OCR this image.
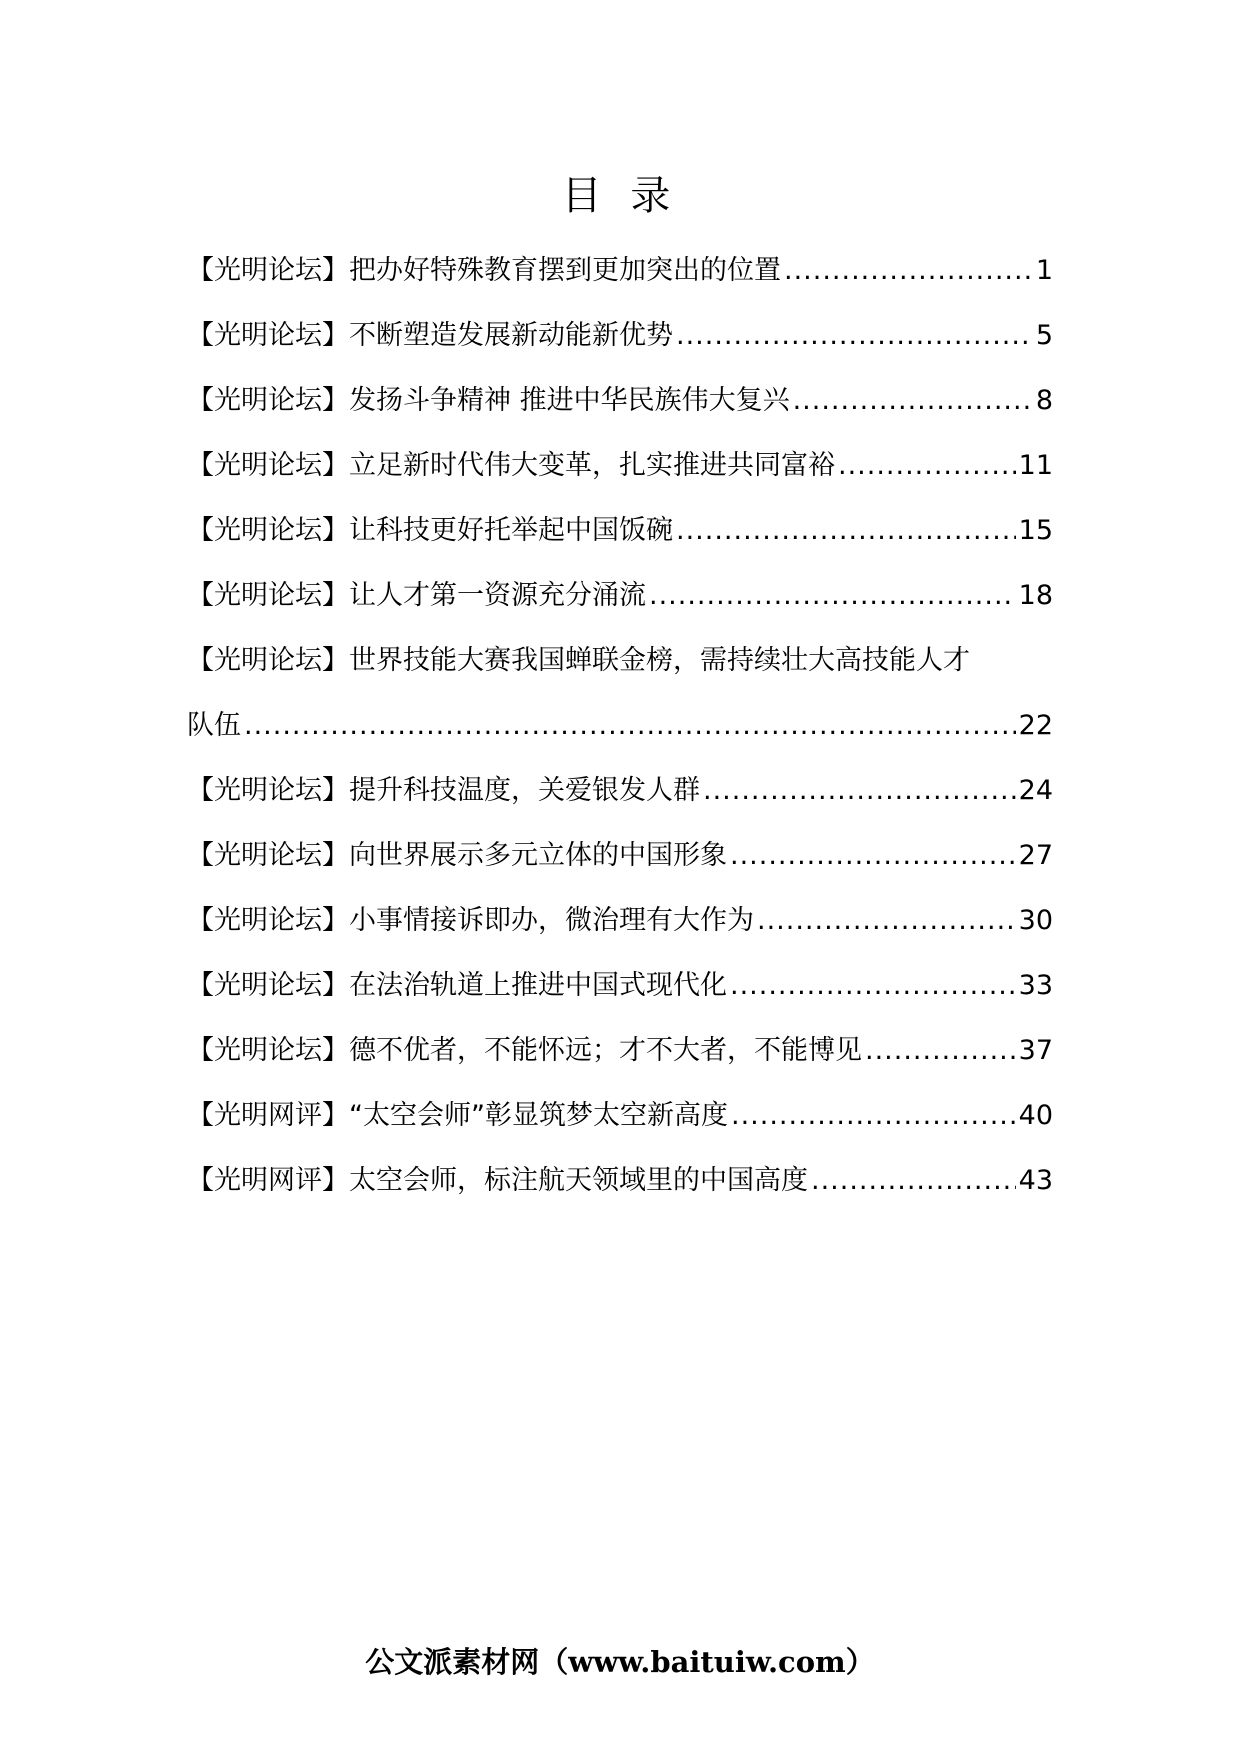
目 录
【光明论坛】把办好特殊教育摆到更加突出的位置 .....	1
【光明论坛】不断塑造发展新动能新优势 .....	5
【光明论坛】发扬斗争精神 推进中华民族伟大复兴 .....	8
【光明论坛】立足新时代伟大变革，扎实推进共同富裕 .....	11
【光明论坛】让科技更好托举起中国饭碗 .....	15
【光明论坛】让人才第一资源充分涌流 .....	18
【光明论坛】世界技能大赛我国蝉联金榜，需持续壮大高技能人才
队伍 .....	22
【光明论坛】提升科技温度，关爱银发人群 .....	24
【光明论坛】向世界展示多元立体的中国形象 .....	27
【光明论坛】小事情接诉即办，微治理有大作为 .....	30
【光明论坛】在法治轨道上推进中国式现代化 .....	33
【光明论坛】德不优者，不能怀远；才不大者，不能博见 .....	37
【光明网评】“太空会师”彰显筑梦太空新高度 .....	40
【光明网评】太空会师，标注航天领域里的中国高度 .....	43
公文派素材网（www.baituiw.com）
